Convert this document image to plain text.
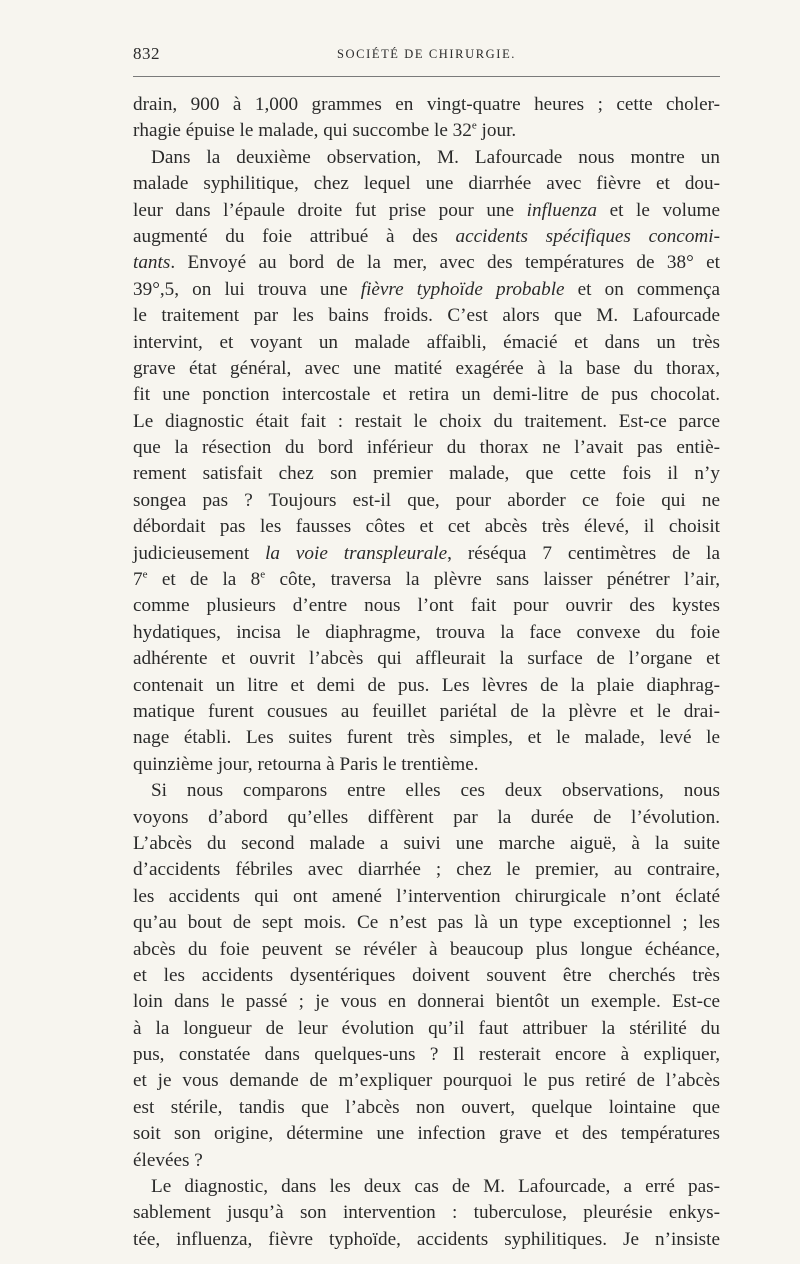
832	SOCIÉTÉ DE CHIRURGIE.
drain, 900 à 1,000 grammes en vingt-quatre heures ; cette choler-
rhagie épuise le malade, qui succombe le 32e jour.
Dans la deuxième observation, M. Lafourcade nous montre un
malade syphilitique, chez lequel une diarrhée avec fièvre et dou-
leur dans l’épaule droite fut prise pour une influenza et le volume
augmenté du foie attribué à des accidents spécifiques concomi-
tants. Envoyé au bord de la mer, avec des températures de 38° et
39°,5, on lui trouva une fièvre typhoïde probable et on commença
le traitement par les bains froids. C’est alors que M. Lafourcade
intervint, et voyant un malade affaibli, émacié et dans un très
grave état général, avec une matité exagérée à la base du thorax,
fit une ponction intercostale et retira un demi-litre de pus chocolat.
Le diagnostic était fait : restait le choix du traitement. Est-ce parce
que la résection du bord inférieur du thorax ne l’avait pas entiè-
rement satisfait chez son premier malade, que cette fois il n’y
songea pas ? Toujours est-il que, pour aborder ce foie qui ne
débordait pas les fausses côtes et cet abcès très élevé, il choisit
judicieusement la voie transpleurale, réséqua 7 centimètres de la
7e et de la 8e côte, traversa la plèvre sans laisser pénétrer l’air,
comme plusieurs d’entre nous l’ont fait pour ouvrir des kystes
hydatiques, incisa le diaphragme, trouva la face convexe du foie
adhérente et ouvrit l’abcès qui affleurait la surface de l’organe et
contenait un litre et demi de pus. Les lèvres de la plaie diaphrag-
matique furent cousues au feuillet pariétal de la plèvre et le drai-
nage établi. Les suites furent très simples, et le malade, levé le
quinzième jour, retourna à Paris le trentième.
Si nous comparons entre elles ces deux observations, nous
voyons d’abord qu’elles diffèrent par la durée de l’évolution.
L’abcès du second malade a suivi une marche aiguë, à la suite
d’accidents fébriles avec diarrhée ; chez le premier, au contraire,
les accidents qui ont amené l’intervention chirurgicale n’ont éclaté
qu’au bout de sept mois. Ce n’est pas là un type exceptionnel ; les
abcès du foie peuvent se révéler à beaucoup plus longue échéance,
et les accidents dysentériques doivent souvent être cherchés très
loin dans le passé ; je vous en donnerai bientôt un exemple. Est-ce
à la longueur de leur évolution qu’il faut attribuer la stérilité du
pus, constatée dans quelques-uns ? Il resterait encore à expliquer,
et je vous demande de m’expliquer pourquoi le pus retiré de l’abcès
est stérile, tandis que l’abcès non ouvert, quelque lointaine que
soit son origine, détermine une infection grave et des températures
élevées ?
Le diagnostic, dans les deux cas de M. Lafourcade, a erré pas-
sablement jusqu’à son intervention : tuberculose, pleurésie enkys-
tée, influenza, fièvre typhoïde, accidents syphilitiques. Je n’insiste
